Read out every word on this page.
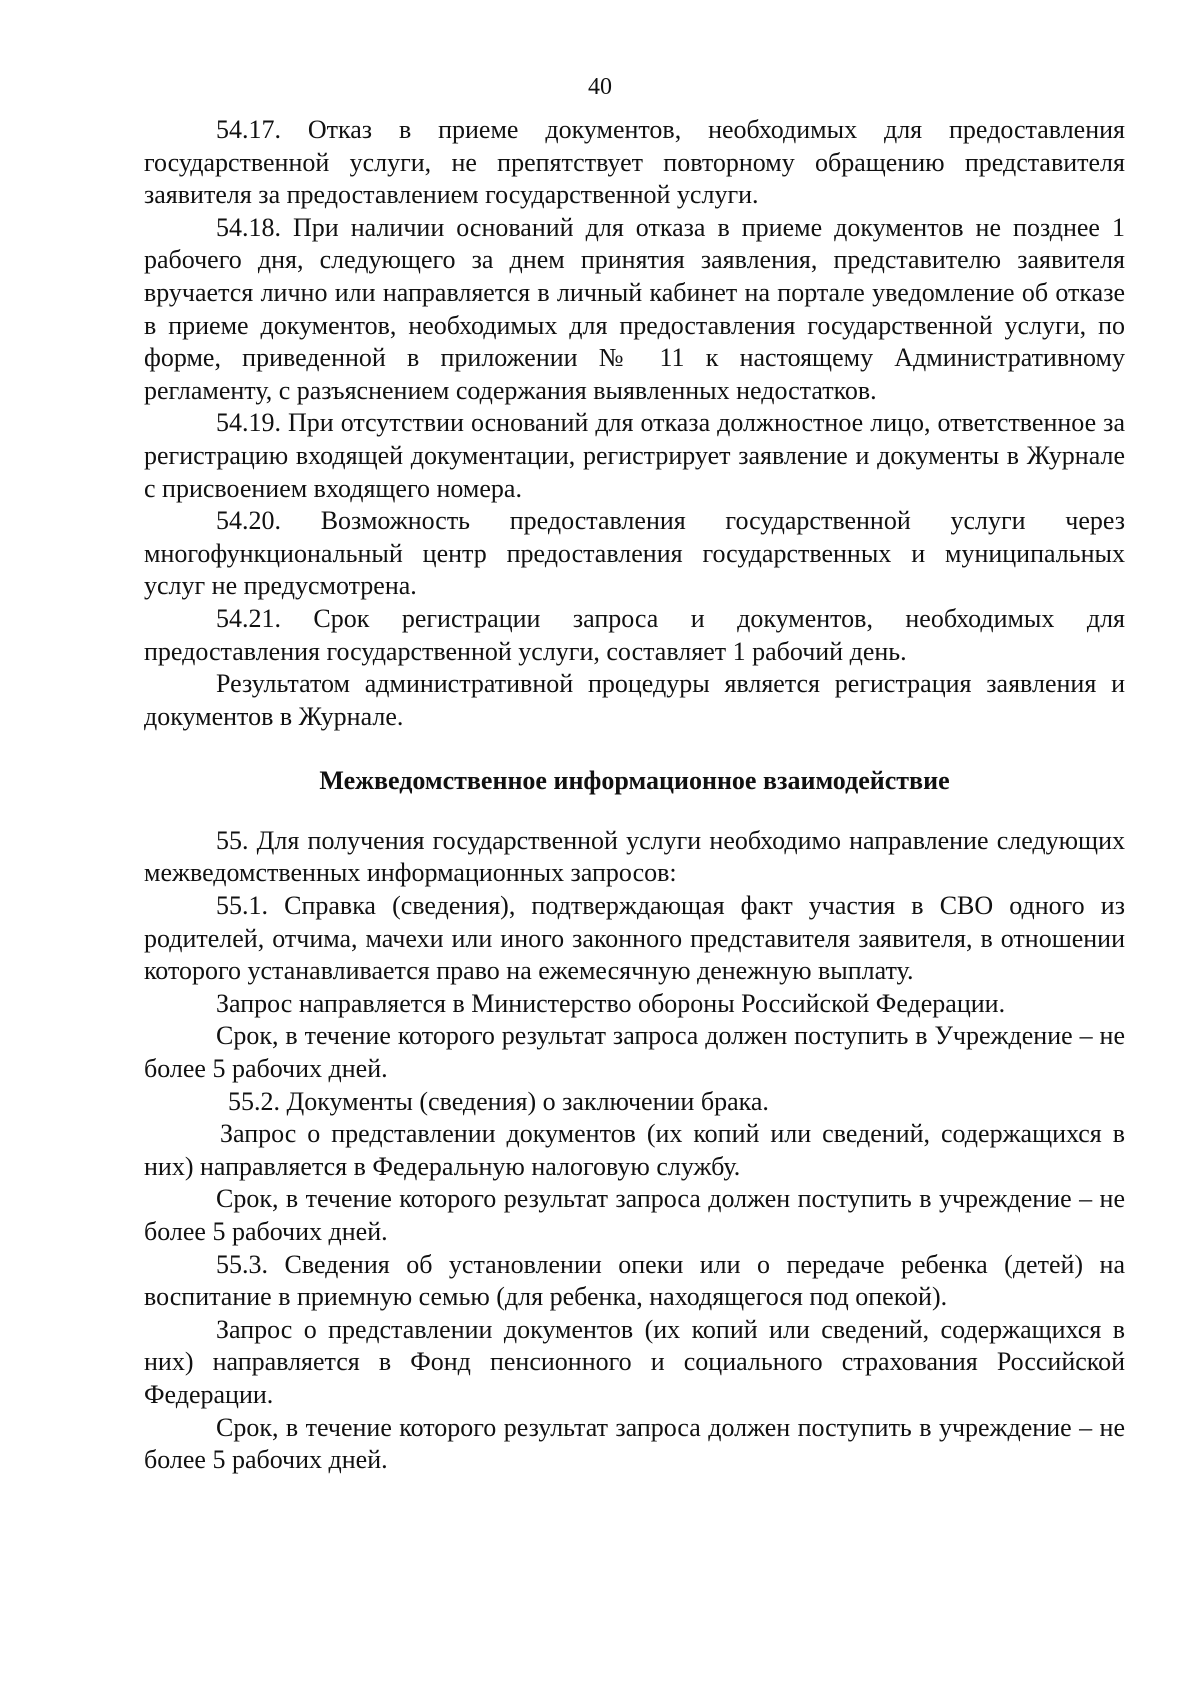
40

54.17. Отказ в приеме документов, необходимых для предоставления государственной услуги, не препятствует повторному обращению представителя заявителя за предоставлением государственной услуги.

54.18. При наличии оснований для отказа в приеме документов не позднее 1 рабочего дня, следующего за днем принятия заявления, представителю заявителя вручается лично или направляется в личный кабинет на портале уведомление об отказе в приеме документов, необходимых для предоставления государственной услуги, по форме, приведенной в приложении № 11 к настоящему Административному регламенту, с разъяснением содержания выявленных недостатков.

54.19. При отсутствии оснований для отказа должностное лицо, ответственное за регистрацию входящей документации, регистрирует заявление и документы в Журнале с присвоением входящего номера.

54.20. Возможность предоставления государственной услуги через многофункциональный центр предоставления государственных и муниципальных услуг не предусмотрена.

54.21. Срок регистрации запроса и документов, необходимых для предоставления государственной услуги, составляет 1 рабочий день.

Результатом административной процедуры является регистрация заявления и документов в Журнале.

Межведомственное информационное взаимодействие

55. Для получения государственной услуги необходимо направление следующих межведомственных информационных запросов:

55.1. Справка (сведения), подтверждающая факт участия в СВО одного из родителей, отчима, мачехи или иного законного представителя заявителя, в отношении которого устанавливается право на ежемесячную денежную выплату.

Запрос направляется в Министерство обороны Российской Федерации.

Срок, в течение которого результат запроса должен поступить в Учреждение – не более 5 рабочих дней.

55.2. Документы (сведения) о заключении брака.

Запрос о представлении документов (их копий или сведений, содержащихся в них) направляется в Федеральную налоговую службу.

Срок, в течение которого результат запроса должен поступить в учреждение – не более 5 рабочих дней.

55.3. Сведения об установлении опеки или о передаче ребенка (детей) на воспитание в приемную семью (для ребенка, находящегося под опекой).

Запрос о представлении документов (их копий или сведений, содержащихся в них) направляется в Фонд пенсионного и социального страхования Российской Федерации.

Срок, в течение которого результат запроса должен поступить в учреждение – не более 5 рабочих дней.
